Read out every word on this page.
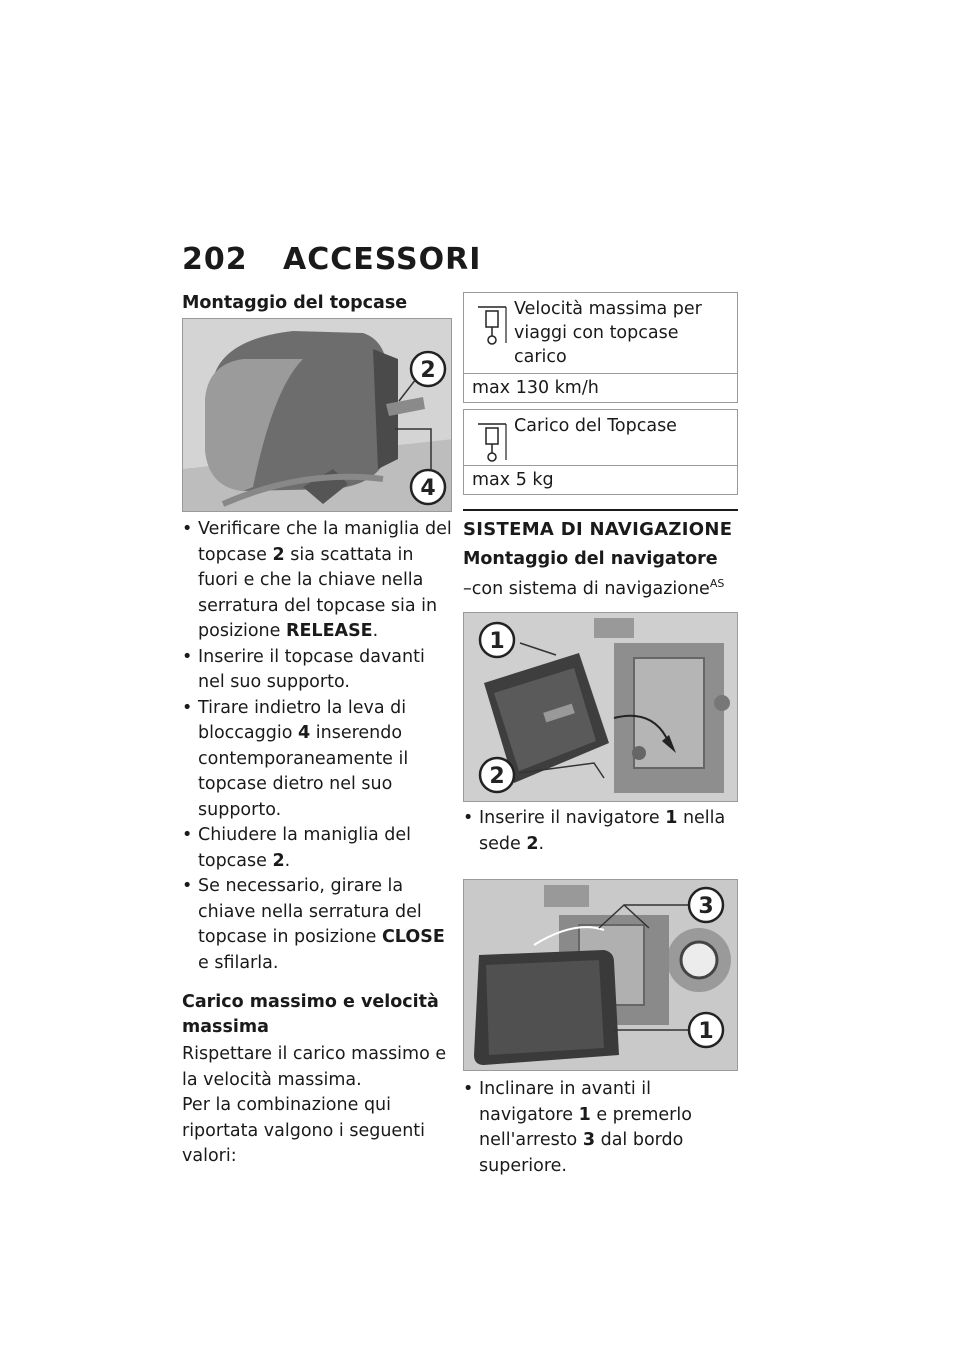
202 ACCESSORI
Montaggio del topcase
2
4
• Verificare che la maniglia del topcase 2 sia scattata in fuori e che la chiave nella serratura del topcase sia in posizione RELEASE.
• Inserire il topcase davanti nel suo supporto.
• Tirare indietro la leva di bloccaggio 4 inserendo contemporaneamente il topcase dietro nel suo supporto.
• Chiudere la maniglia del topcase 2.
• Se necessario, girare la chiave nella serratura del topcase in posizione CLOSE e sfilarla.
Carico massimo e velocità massima

Rispettare il carico massimo e la velocità massima.

Per la combinazione qui riportata valgono i seguenti valori:

Velocità massima per viaggi con topcase carico
max 130 km/h
Carico del Topcase
max 5 kg
SISTEMA DI NAVIGAZIONE
Montaggio del navigatore

–con sistema di navigazione$^{AS}$

1
2
• Inserire il navigatore 1 nella sede 2.
3
1
• Inclinare in avanti il navigatore 1 e premerlo nell'arresto 3 dal bordo superiore.
